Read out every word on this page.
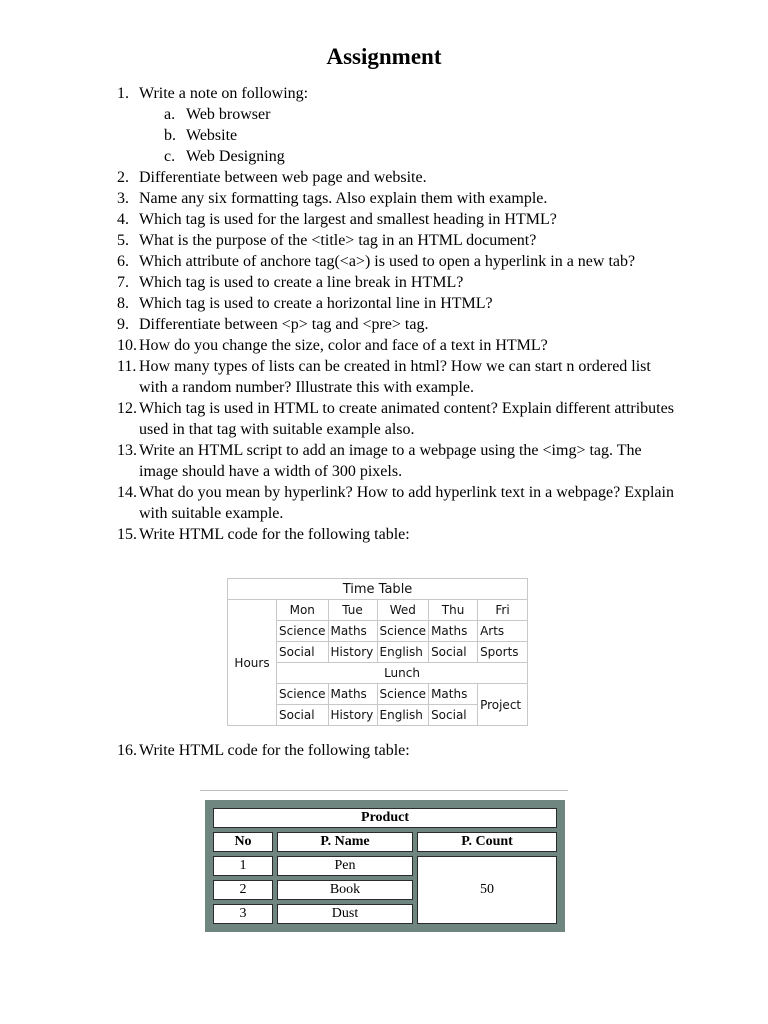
Assignment
1. Write a note on following:
a. Web browser
b. Website
c. Web Designing
2. Differentiate between web page and website.
3. Name any six formatting tags. Also explain them with example.
4. Which tag is used for the largest and smallest heading in HTML?
5. What is the purpose of the <title> tag in an HTML document?
6. Which attribute of anchore tag(<a>) is used to open a hyperlink in a new tab?
7. Which tag is used to create a line break in HTML?
8. Which tag is used to create a horizontal line in HTML?
9. Differentiate between <p> tag and <pre> tag.
10. How do you change the size, color and face of a text in HTML?
11. How many types of lists can be created in html? How we can start n ordered list with a random number? Illustrate this with example.
12. Which tag is used in HTML to create animated content? Explain different attributes used in that tag with suitable example also.
13. Write an HTML script to add an image to a webpage using the <img> tag. The image should have a width of 300 pixels.
14. What do you mean by hyperlink? How to add hyperlink text in a webpage? Explain with suitable example.
15. Write HTML code for the following table:
Time Table					
Hours	Mon	Tue	Wed	Thu	Fri
	Science	Maths	Science	Maths	Arts
	Social	History	English	Social	Sports
	Lunch				
	Science	Maths	Science	Maths	Project
	Social	History	English	Social	
16. Write HTML code for the following table:
Product		
No	P. Name	P. Count
1	Pen	50
2	Book	
3	Dust	
